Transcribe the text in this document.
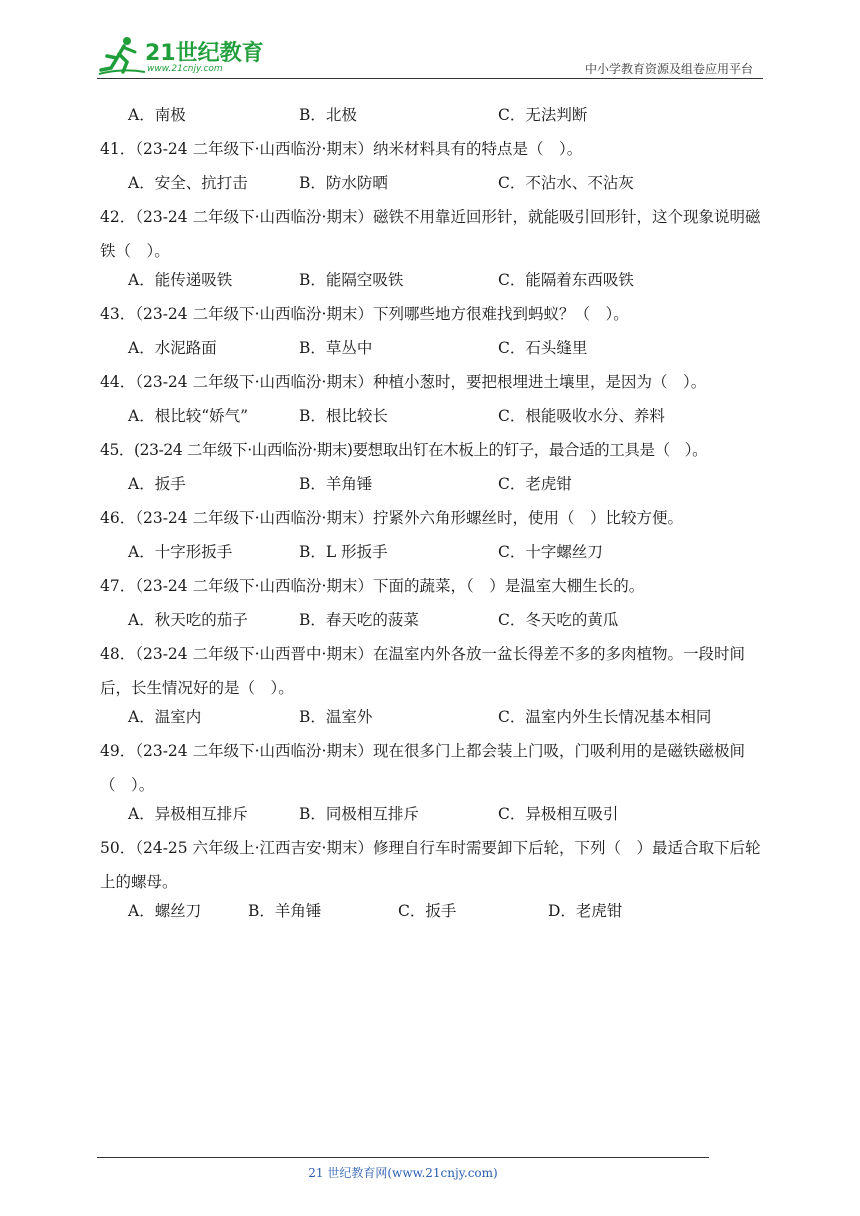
21世纪教育
www.21cnjy.com	中小学教育资源及组卷应用平台
A．南极	B．北极	C．无法判断
41．（23-24 二年级下·山西临汾·期末）纳米材料具有的特点是（　）。
A．安全、抗打击	B．防水防晒	C．不沾水、不沾灰
42．（23-24 二年级下·山西临汾·期末）磁铁不用靠近回形针，就能吸引回形针，这个现象说明磁铁（　）。
A．能传递吸铁	B．能隔空吸铁	C．能隔着东西吸铁
43．（23-24 二年级下·山西临汾·期末）下列哪些地方很难找到蚂蚁？（　）。
A．水泥路面	B．草丛中	C．石头缝里
44．（23-24 二年级下·山西临汾·期末）种植小葱时，要把根埋进土壤里，是因为（　）。
A．根比较“娇气”	B．根比较长	C．根能吸收水分、养料
45．(23-24 二年级下·山西临汾·期末)要想取出钉在木板上的钉子，最合适的工具是（　）。
A．扳手	B．羊角锤	C．老虎钳
46．（23-24 二年级下·山西临汾·期末）拧紧外六角形螺丝时，使用（　）比较方便。
A．十字形扳手	B．L 形扳手	C．十字螺丝刀
47．（23-24 二年级下·山西临汾·期末）下面的蔬菜，（　）是温室大棚生长的。
A．秋天吃的茄子	B．春天吃的菠菜	C．冬天吃的黄瓜
48．（23-24 二年级下·山西晋中·期末）在温室内外各放一盆长得差不多的多肉植物。一段时间后，长生情况好的是（　）。
A．温室内	B．温室外	C．温室内外生长情况基本相同
49．（23-24 二年级下·山西临汾·期末）现在很多门上都会装上门吸，门吸利用的是磁铁磁极间（　）。
A．异极相互排斥	B．同极相互排斥	C．异极相互吸引
50．（24-25 六年级上·江西吉安·期末）修理自行车时需要卸下后轮，下列（　）最适合取下后轮上的螺母。
A．螺丝刀	B．羊角锤	C．扳手	D．老虎钳
21 世纪教育网(www.21cnjy.com)
